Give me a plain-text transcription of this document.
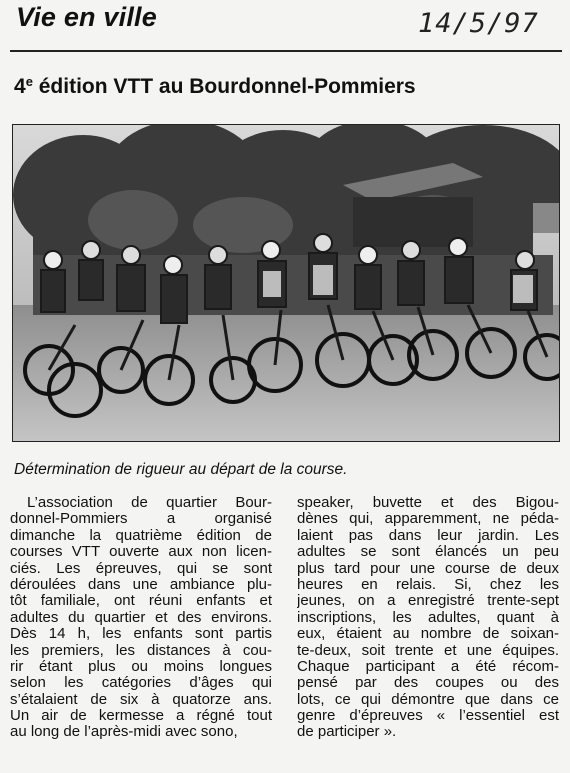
Vie en ville	14/5/97
4e édition VTT au Bourdonnel-Pommiers
Détermination de rigueur au départ de la course.
L’association de quartier Bour-
donnel-Pommiers a organisé
dimanche la quatrième édition de
courses VTT ouverte aux non licen-
ciés. Les épreuves, qui se sont
déroulées dans une ambiance plu-
tôt familiale, ont réuni enfants et
adultes du quartier et des environs.
Dès 14 h, les enfants sont partis
les premiers, les distances à cou-
rir étant plus ou moins longues
selon les catégories d’âges qui
s’étalaient de six à quatorze ans.
Un air de kermesse a régné tout
au long de l’après-midi avec sono,
speaker, buvette et des Bigou-
dènes qui, apparemment, ne péda-
laient pas dans leur jardin. Les
adultes se sont élancés un peu
plus tard pour une course de deux
heures en relais. Si, chez les
jeunes, on a enregistré trente-sept
inscriptions, les adultes, quant à
eux, étaient au nombre de soixan-
te-deux, soit trente et une équipes.
Chaque participant a été récom-
pensé par des coupes ou des
lots, ce qui démontre que dans ce
genre d’épreuves « l’essentiel est
de participer ».
